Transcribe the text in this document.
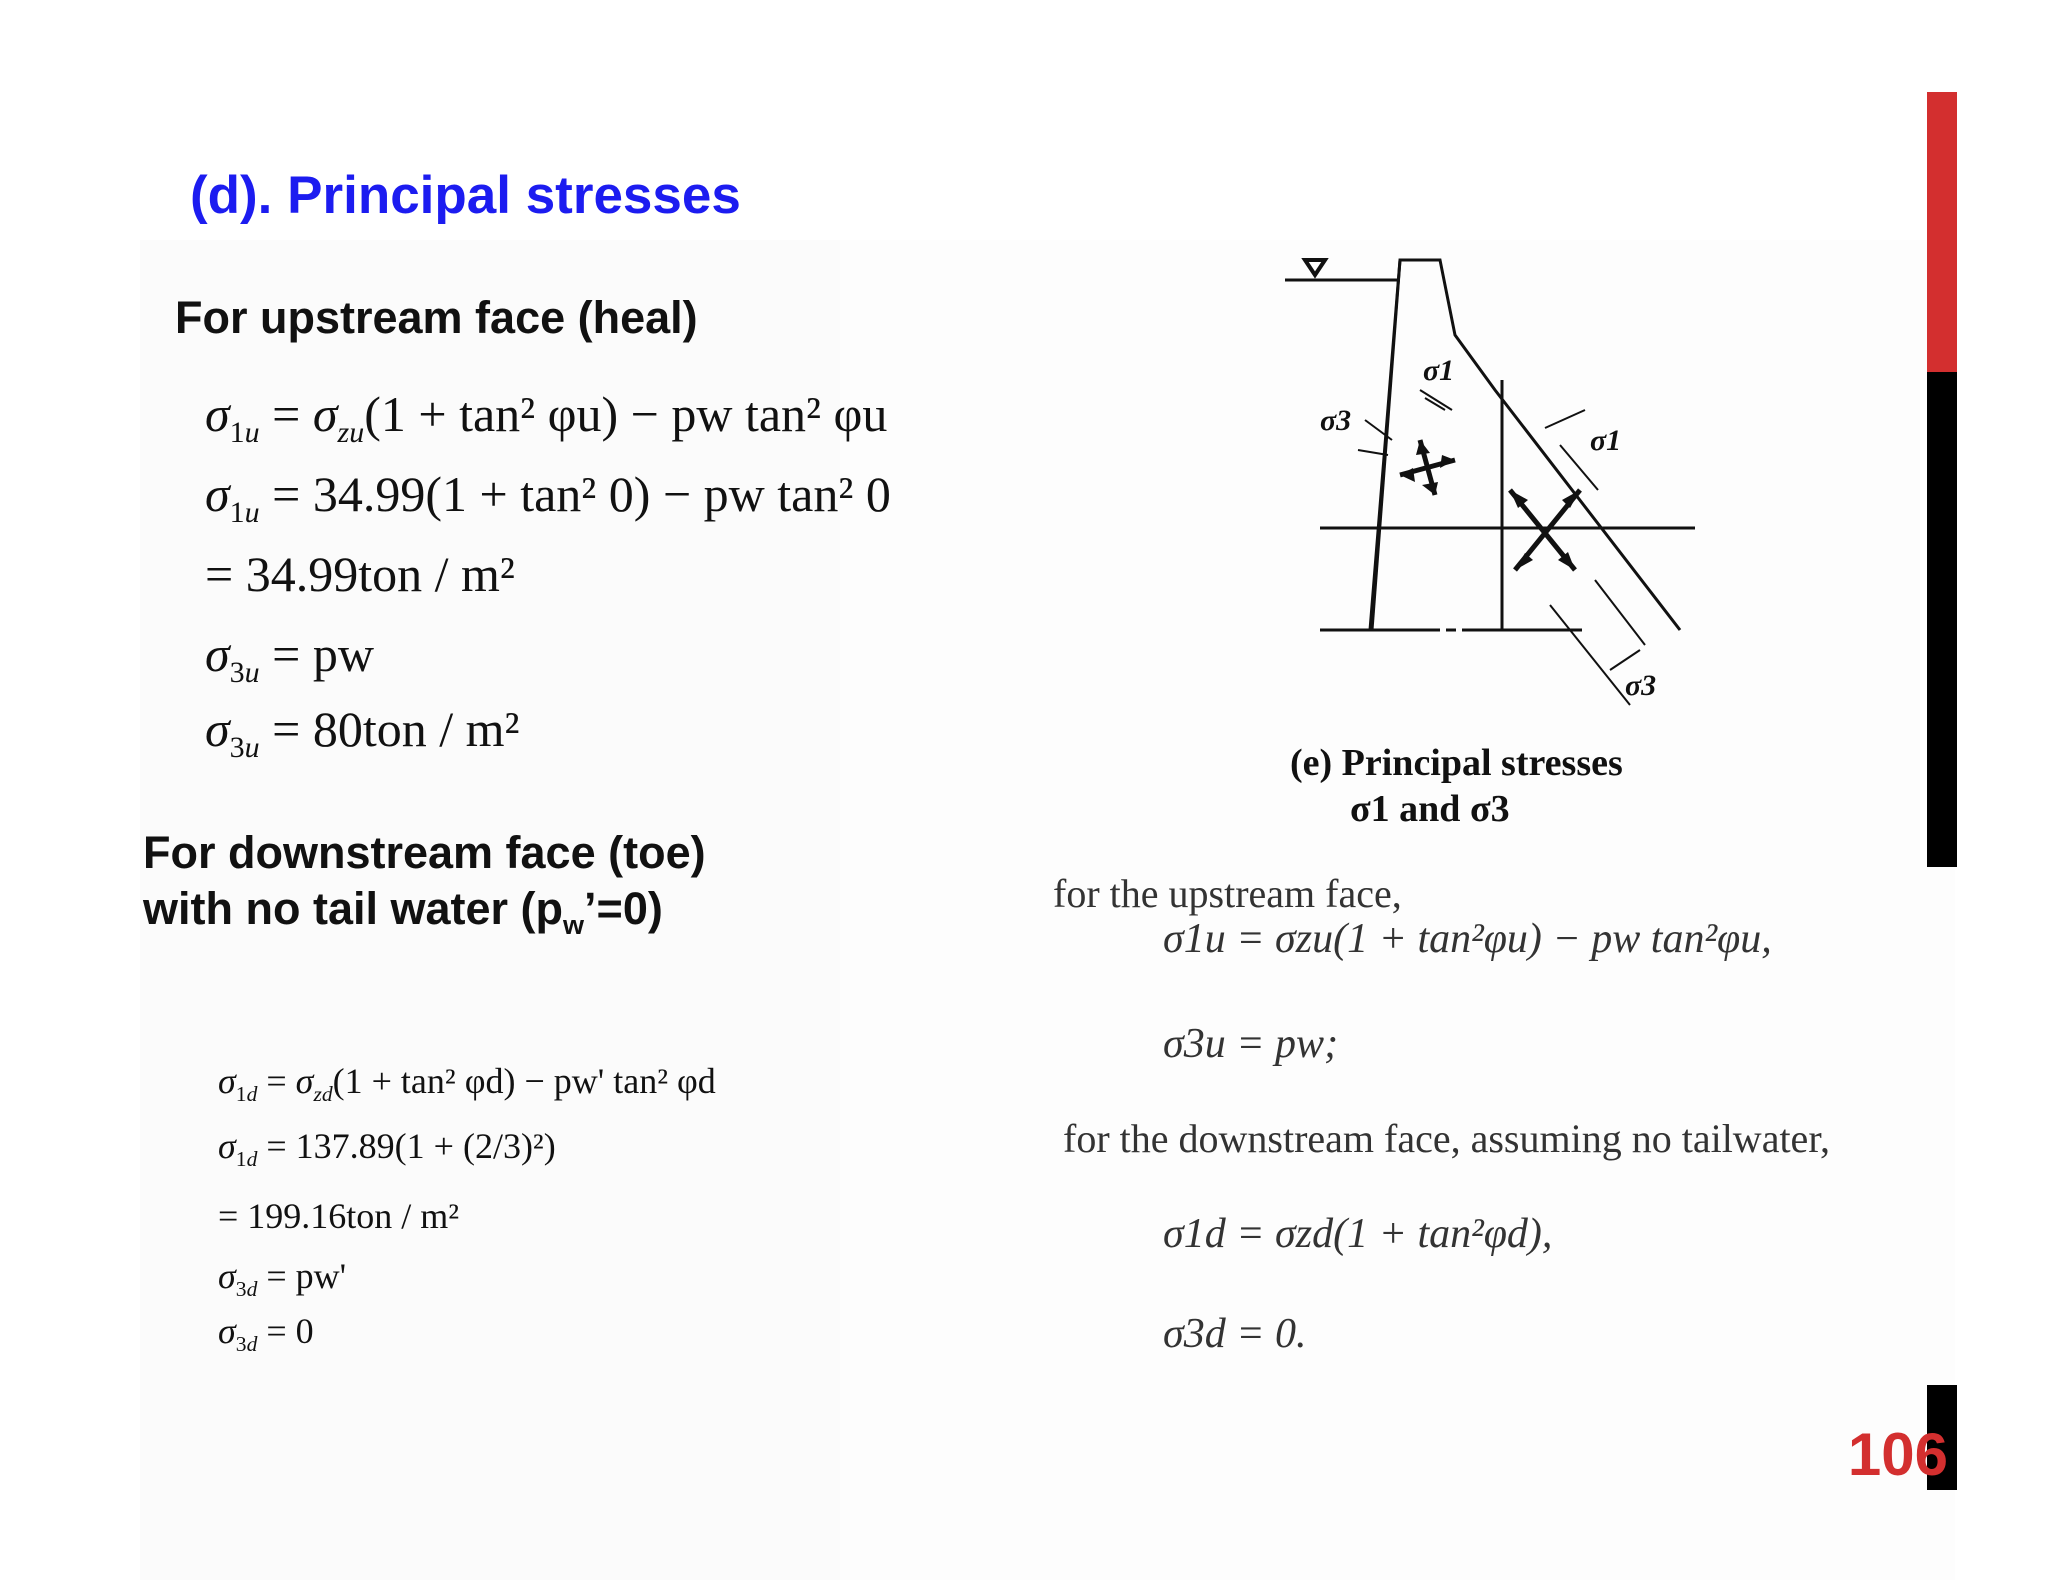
(d). Principal stresses
For upstream face (heal)
$\sigma_{1u} = \sigma_{zu}(1 + \tan^2$ φu) − pw tan² φu
$\sigma_{1u} = 34.99(1 + \tan^2$ 0) − pw tan² 0
= 34.99ton / m²
$\sigma_{3u}$ = pw
$\sigma_{3u} = 80ton / m^2$
For downstream face (toe)
with no tail water $(p_w’=0)$
$\sigma_{1d} = \sigma_{zd}(1 + \tan^2$ φd) − pw' tan² φd
$\sigma_{1d} = 137.89(1 + (2/3)^2)$
= 199.16ton / m²
$\sigma_{3d} = pw'$
$\sigma_{3d} = 0$
σ1
σ3
σ1
σ3
(e) Principal stresses
σ1 and σ3
for the upstream face,
σ1u = σzu(1 + tan²φu) − pw tan²φu,
σ3u = pw;
for the downstream face, assuming no tailwater,
σ1d = σzd(1 + tan²φd),
σ3d = 0.
106
